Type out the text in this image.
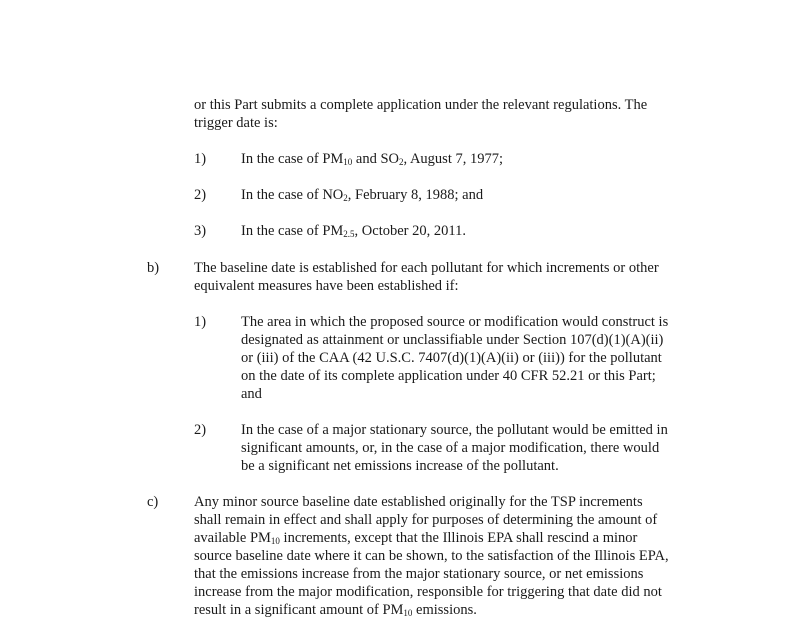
or this Part submits a complete application under the relevant regulations. The
trigger date is:

1) In the case of $PM_{10}$ and $SO_2$, August 7, 1977;

2) In the case of $NO_2$, February 8, 1988; and

3) In the case of $PM_{2.5}$, October 20, 2011.

b) The baseline date is established for each pollutant for which increments or other
equivalent measures have been established if:

1) The area in which the proposed source or modification would construct is
designated as attainment or unclassifiable under Section 107(d)(1)(A)(ii)
or (iii) of the CAA (42 U.S.C. 7407(d)(1)(A)(ii) or (iii)) for the pollutant
on the date of its complete application under 40 CFR 52.21 or this Part;
and

2) In the case of a major stationary source, the pollutant would be emitted in
significant amounts, or, in the case of a major modification, there would
be a significant net emissions increase of the pollutant.

c) Any minor source baseline date established originally for the TSP increments
shall remain in effect and shall apply for purposes of determining the amount of
available $PM_{10}$ increments, except that the Illinois EPA shall rescind a minor
source baseline date where it can be shown, to the satisfaction of the Illinois EPA,
that the emissions increase from the major stationary source, or net emissions
increase from the major modification, responsible for triggering that date did not
result in a significant amount of $PM_{10}$ emissions.
